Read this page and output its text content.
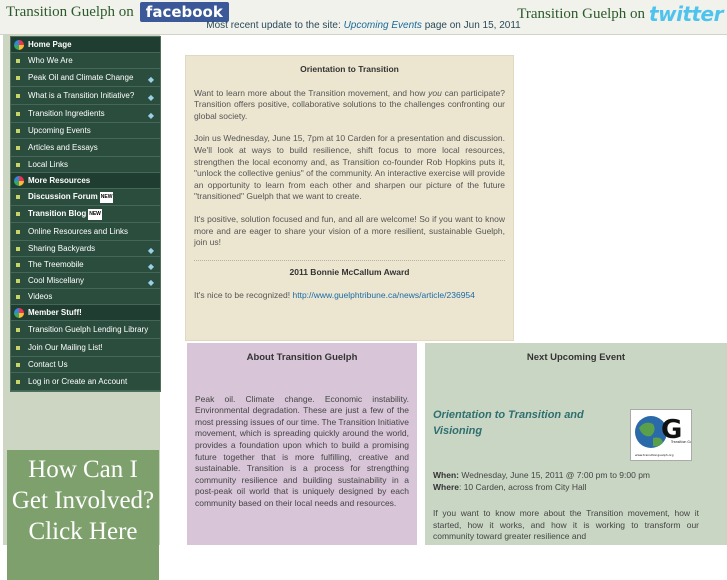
Transition Guelph on facebook	Transition Guelph on twitter
Most recent update to the site: Upcoming Events page on Jun 15, 2011
Home Page
Who We Are
Peak Oil and Climate Change ◆
What is a Transition Initiative? ◆
Transition Ingredients	◆
Upcoming Events
Articles and Essays
Local Links
More Resources
Discussion Forum NEW
Transition Blog NEW
Online Resources and Links
Sharing Backyards	◆
The Treemobile	◆
Cool Miscellany	◆
Videos
Member Stuff!
Transition Guelph Lending Library
Join Our Mailing List!
Contact Us
Log in or Create an Account
How Can I
Get Involved?
Click Here
Orientation to Transition

Want to learn more about the Transition movement, and how you can participate? Transition offers positive, collaborative solutions to the challenges confronting our global society.

Join us Wednesday, June 15, 7pm at 10 Carden for a presentation and discussion. We'll look at ways to build resilience, shift focus to more local resources, strengthen the local economy and, as Transition co-founder Rob Hopkins puts it, "unlock the collective genius" of the community. An interactive exercise will provide an opportunity to learn from each other and sharpen our picture of the future "transitioned" Guelph that we want to create.

It's positive, solution focused and fun, and all are welcome! So if you want to know more and are eager to share your vision of a more resilient, sustainable Guelph, join us!

2011 Bonnie McCallum Award

It's nice to be recognized! http://www.guelphtribune.ca/news/article/236954

About Transition Guelph

Peak oil. Climate change. Economic instability. Environmental degradation. These are just a few of the most pressing issues of our time. The Transition Initiative movement, which is spreading quickly around the world, provides a foundation upon which to build a promising future together that is more fulfilling, creative and sustainable. Transition is a process for strengthing community resilience and building sustainability in a post-peak oil world that is uniquely designed by each community based on their local needs and resources.

Next Upcoming Event
Orientation to Transition and Visioning	G
Transition G
www.transitionguelph.org
When: Wednesday, June 15, 2011 @ 7:00 pm to 9:00 pm
Where: 10 Carden, across from City Hall
If you want to know more about the Transition movement, how it started, how it works, and how it is working to transform our community toward greater resilience and
